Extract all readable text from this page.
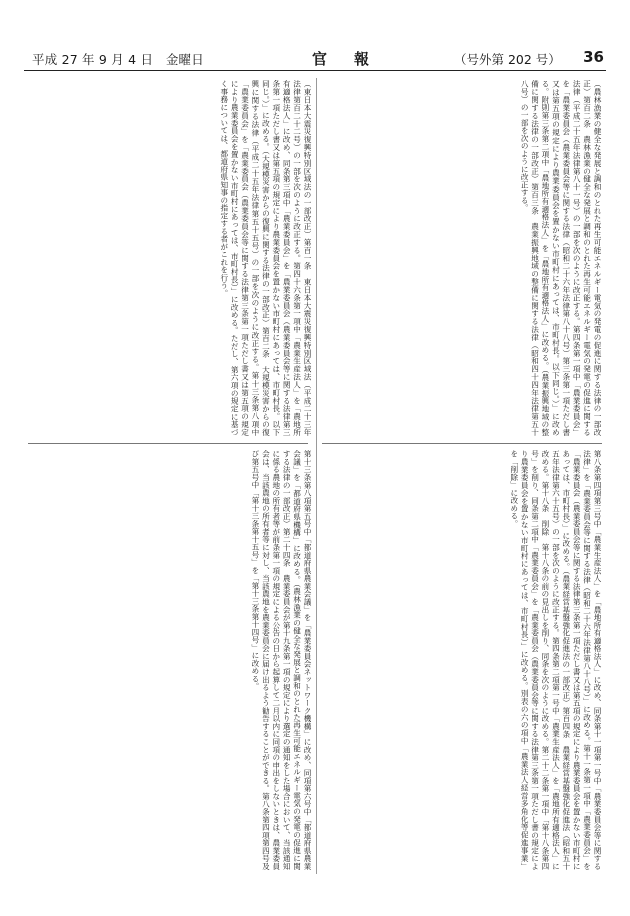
平成 27 年 9 月 4 日　金曜日	官　報	（号外第 202 号） 36

（農林漁業の健全な発展と調和のとれた再生可能エネルギー電気の発電の促進に関する法律の一部改正）第百二条　農林漁業の健全な発展と調和のとれた再生可能エネルギー電気の発電の促進に関する法律（平成二十五年法律第八十一号）の一部を次のように改正する。第四条第一項中「農業委員会」を「農業委員会（農業委員会等に関する法律（昭和二十六年法律第八十八号）第三条第一項ただし書又は第五項の規定により農業委員会を置かない市町村にあっては、市町村長。以下同じ。）」に改める。附則第三条第二項中「農地所有適格法人」を「農地所有適格法人」に改める。（農業振興地域の整備に関する法律の一部改正）第百三条　農業振興地域の整備に関する法律（昭和四十四年法律第五十八号）の一部を次のように改正する。

第八条第四項第三号中「農業生産法人」を「農地所有適格法人」に改め、同条第十一項第一号中「農業委員会等に関する法律」を「農業委員会等に関する法律（昭和二十六年法律第八十八号）」に改める。第十一条第一項中「農業委員会」を「農業委員会（農業委員会等に関する法律第三条第一項ただし書又は第五項の規定により農業委員会を置かない市町村にあっては、市町村長）」に改める。（農業経営基盤強化促進法の一部改正）第百四条　農業経営基盤強化促進法（昭和五十五年法律第六十五号）の一部を次のように改正する。第四条第二項第一号中「農業生産法人」を「農地所有適格法人」に改める。第十八条　削除　第十八条の前の見出しを削り、同条を次のように改める。第二十二条第一項中「第十八条第四号」を削り、同条第二項中「農業委員会」を「農業委員会（農業委員会等に関する法律第三条第一項ただし書の規定により農業委員会を置かない市町村にあっては、市町村長）」に改める。別表の六の項中「農業法人経営多角化等促進事業」を「削除」に改める。

（東日本大震災復興特別区域法の一部改正）第百一条　東日本大震災復興特別区域法（平成二十三年法律第百二十二号）の一部を次のように改正する。第四十六条第一項中「農業生産法人」を「農地所有適格法人」に改め、同条第三項中「農業委員会」を「農業委員会（農業委員会等に関する法律第三条第一項ただし書又は第五項の規定により農業委員会を置かない市町村にあっては、市町村長。以下同じ。）」に改める。（大規模災害からの復興に関する法律の一部改正）第百二条　大規模災害からの復興に関する法律（平成二十五年法律第五十五号）の一部を次のように改正する。第十三条第八項中「農業委員会」を「農業委員会（農業委員会等に関する法律第三条第一項ただし書又は第五項の規定により農業委員会を置かない市町村にあっては、市町村長）」に改める。ただし、第六項の規定に基づく事務については、都道府県知事の指定する者がこれを行う。

第十三条第八項第五号中「都道府県農業会議」を「農業委員会ネットワーク機構」に改め、同項第六号中「都道府県農業会議」を「都道府県機構」に改める。（農林漁業の健全な発展と調和のとれた再生可能エネルギー電気の発電の促進に関する法律の一部改正）第二十四条　農業委員会が第十九条第一項の規定により選定の通知をした場合において、当該通知に係る農地の所有者等が前条第一項の規定による公告の日から起算して二月以内に同項の申出をしないときは、農業委員会は、当該農地の所有者等に対し、当該農地を農業委員会に届け出るよう勧告することができる。第八条第四項第四号及び第五号中「第十三条第十五号」を「第十三条第十四号」に改める。
